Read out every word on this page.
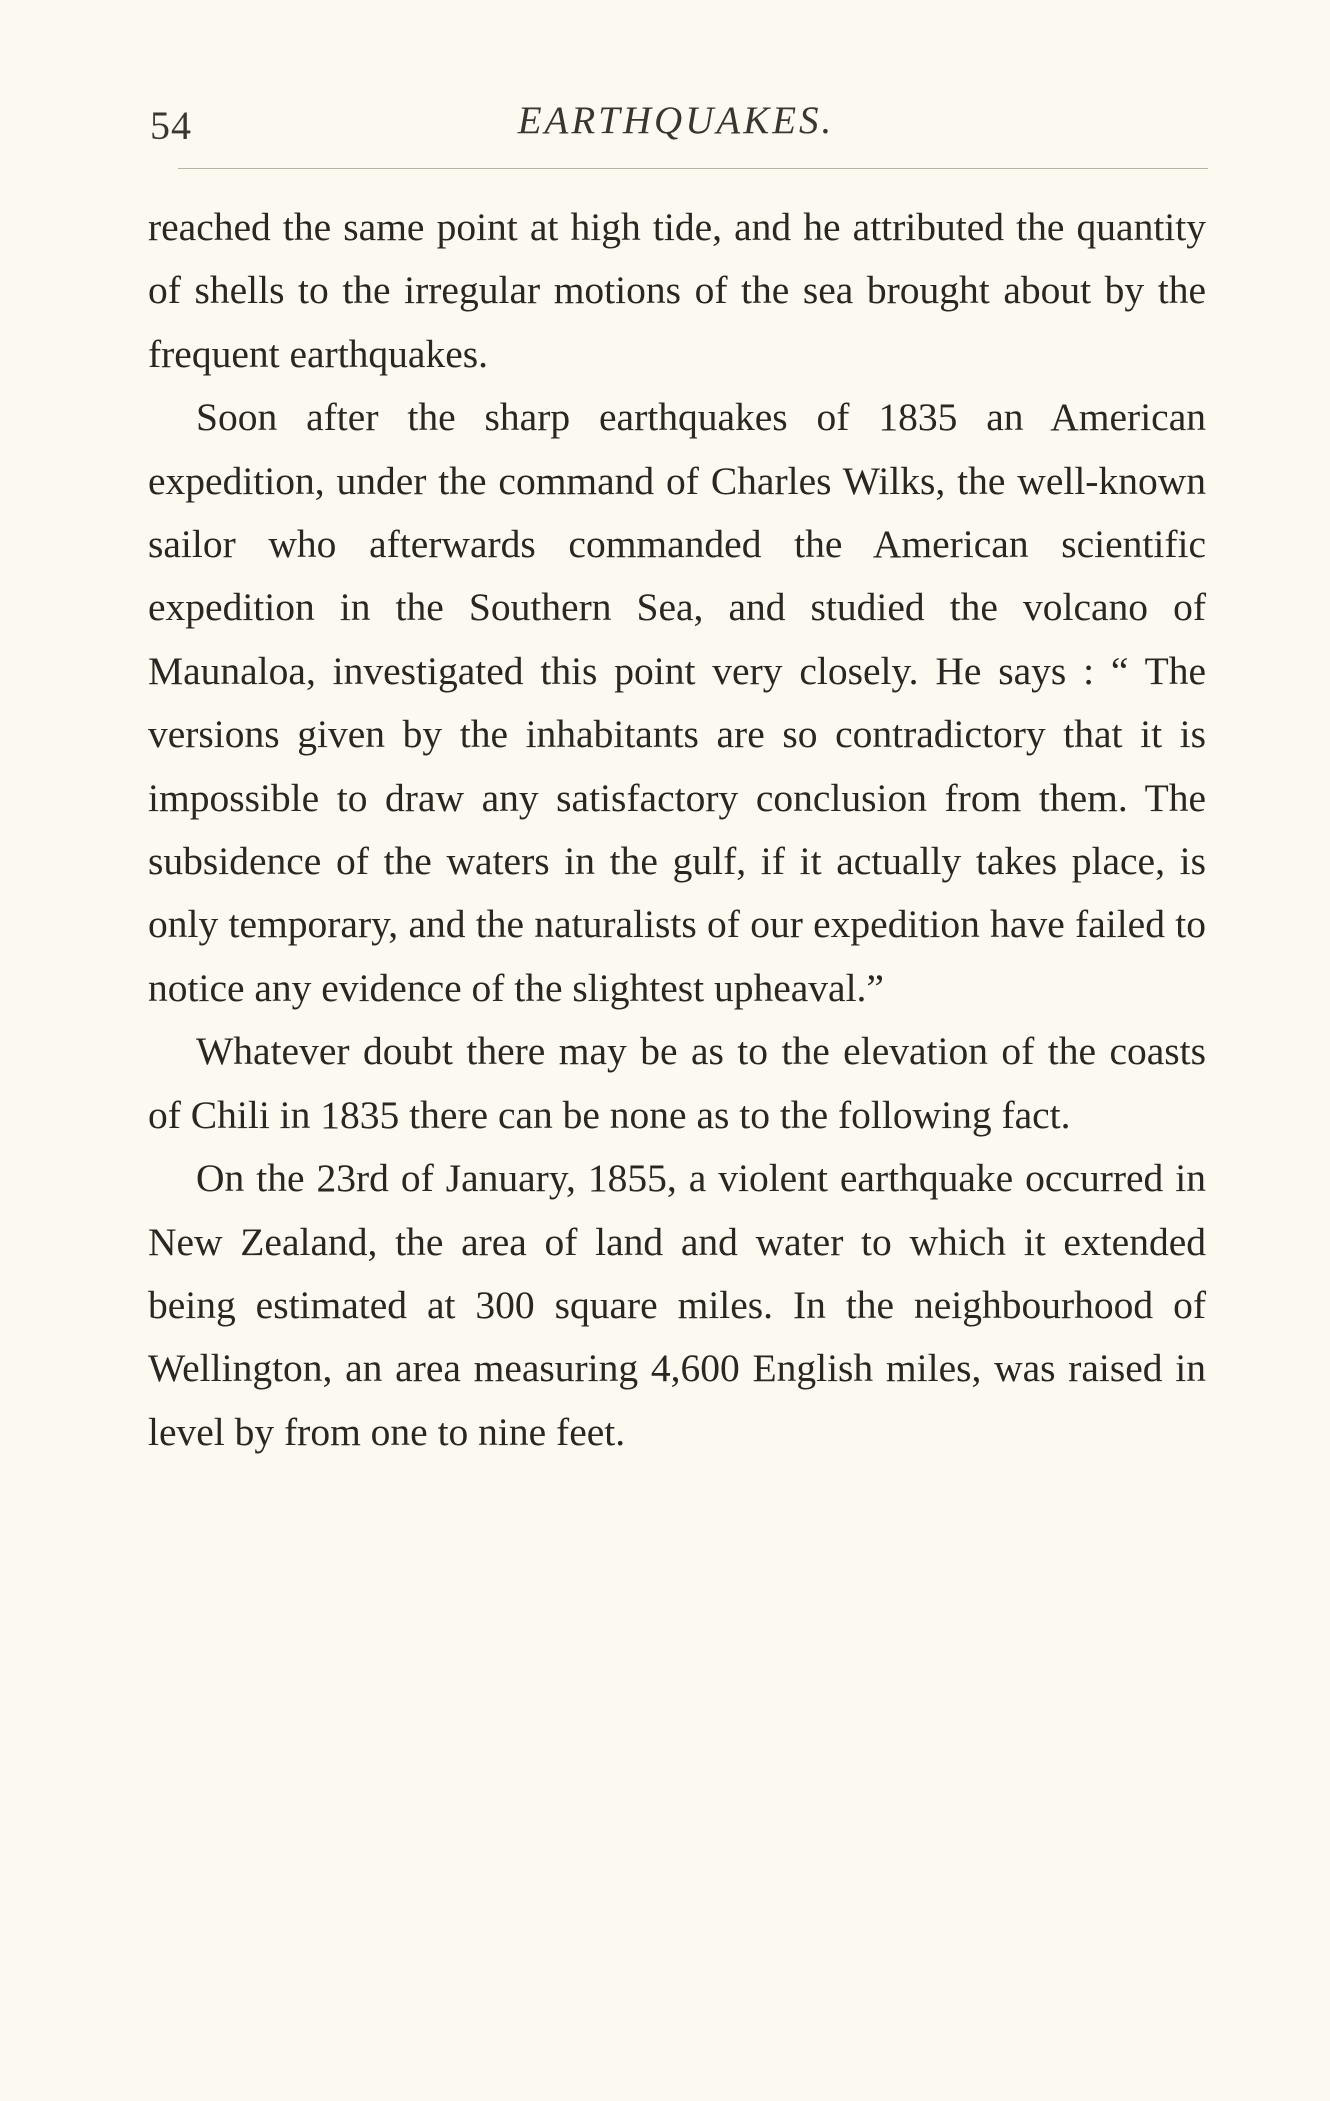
54	EARTHQUAKES.

reached the same point at high tide, and he attributed the quantity of shells to the irregular motions of the sea brought about by the frequent earthquakes.

Soon after the sharp earthquakes of 1835 an American expedition, under the command of Charles Wilks, the well-known sailor who afterwards commanded the American scientific expedition in the Southern Sea, and studied the volcano of Maunaloa, investigated this point very closely. He says : “ The versions given by the inhabitants are so contradictory that it is impossible to draw any satisfactory conclusion from them. The subsidence of the waters in the gulf, if it actually takes place, is only temporary, and the naturalists of our expedition have failed to notice any evidence of the slightest upheaval.”

Whatever doubt there may be as to the elevation of the coasts of Chili in 1835 there can be none as to the following fact.

On the 23rd of January, 1855, a violent earthquake occurred in New Zealand, the area of land and water to which it extended being estimated at 300 square miles. In the neighbourhood of Wellington, an area measuring 4,600 English miles, was raised in level by from one to nine feet.
